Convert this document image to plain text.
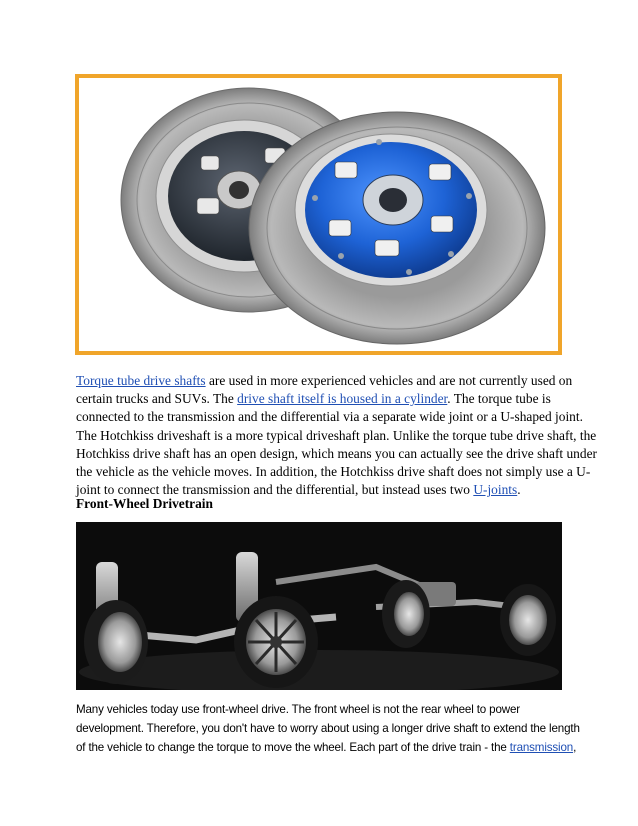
Torque tube drive shafts are used in more experienced vehicles and are not currently used on
certain trucks and SUVs. The drive shaft itself is housed in a cylinder. The torque tube is
connected to the transmission and the differential via a separate wide joint or a U-shaped joint.
The Hotchkiss driveshaft is a more typical driveshaft plan. Unlike the torque tube drive shaft, the
Hotchkiss drive shaft has an open design, which means you can actually see the drive shaft under
the vehicle as the vehicle moves. In addition, the Hotchkiss drive shaft does not simply use a U-
joint to connect the transmission and the differential, but instead uses two U-joints.

Front-Wheel Drivetrain

Many vehicles today use front-wheel drive. The front wheel is not the rear wheel to power
development. Therefore, you don't have to worry about using a longer drive shaft to extend the length
of the vehicle to change the torque to move the wheel. Each part of the drive train - the transmission,
